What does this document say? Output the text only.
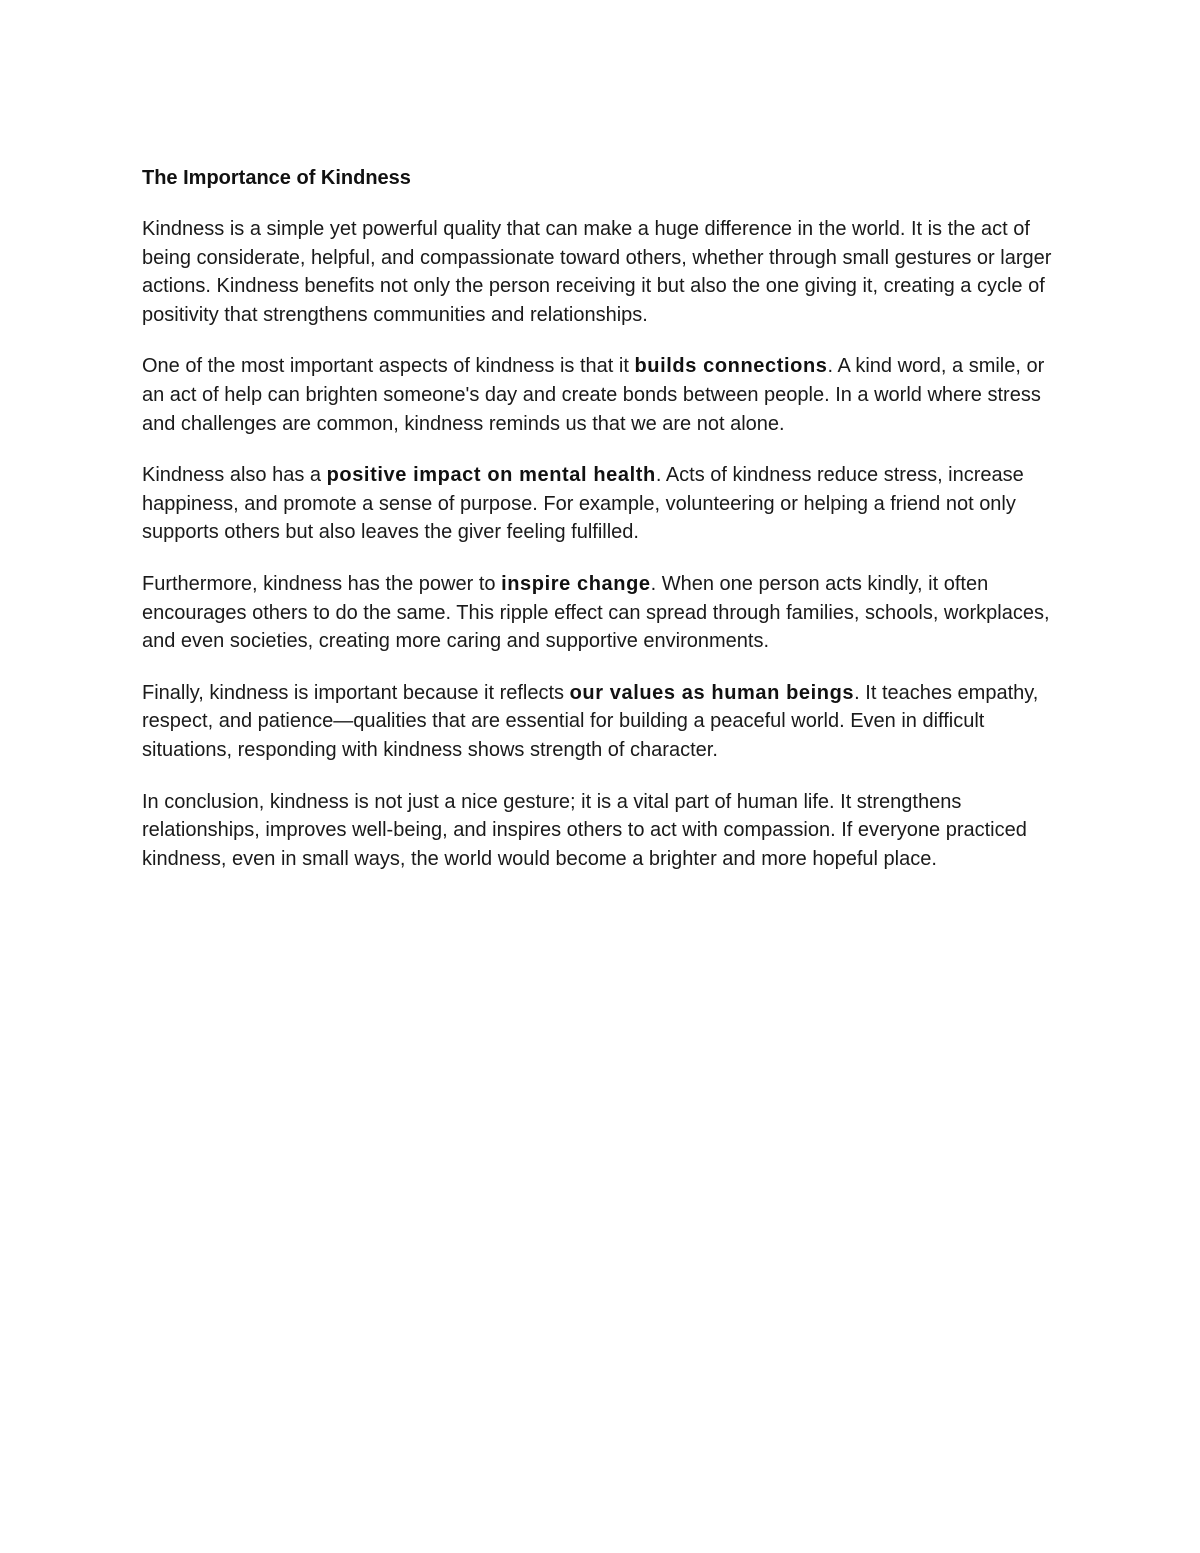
The Importance of Kindness

Kindness is a simple yet powerful quality that can make a huge difference in the world. It is the act of being considerate, helpful, and compassionate toward others, whether through small gestures or larger actions. Kindness benefits not only the person receiving it but also the one giving it, creating a cycle of positivity that strengthens communities and relationships.

One of the most important aspects of kindness is that it builds connections. A kind word, a smile, or an act of help can brighten someone's day and create bonds between people. In a world where stress and challenges are common, kindness reminds us that we are not alone.

Kindness also has a positive impact on mental health. Acts of kindness reduce stress, increase happiness, and promote a sense of purpose. For example, volunteering or helping a friend not only supports others but also leaves the giver feeling fulfilled.

Furthermore, kindness has the power to inspire change. When one person acts kindly, it often encourages others to do the same. This ripple effect can spread through families, schools, workplaces, and even societies, creating more caring and supportive environments.

Finally, kindness is important because it reflects our values as human beings. It teaches empathy, respect, and patience—qualities that are essential for building a peaceful world. Even in difficult situations, responding with kindness shows strength of character.

In conclusion, kindness is not just a nice gesture; it is a vital part of human life. It strengthens relationships, improves well-being, and inspires others to act with compassion. If everyone practiced kindness, even in small ways, the world would become a brighter and more hopeful place.
